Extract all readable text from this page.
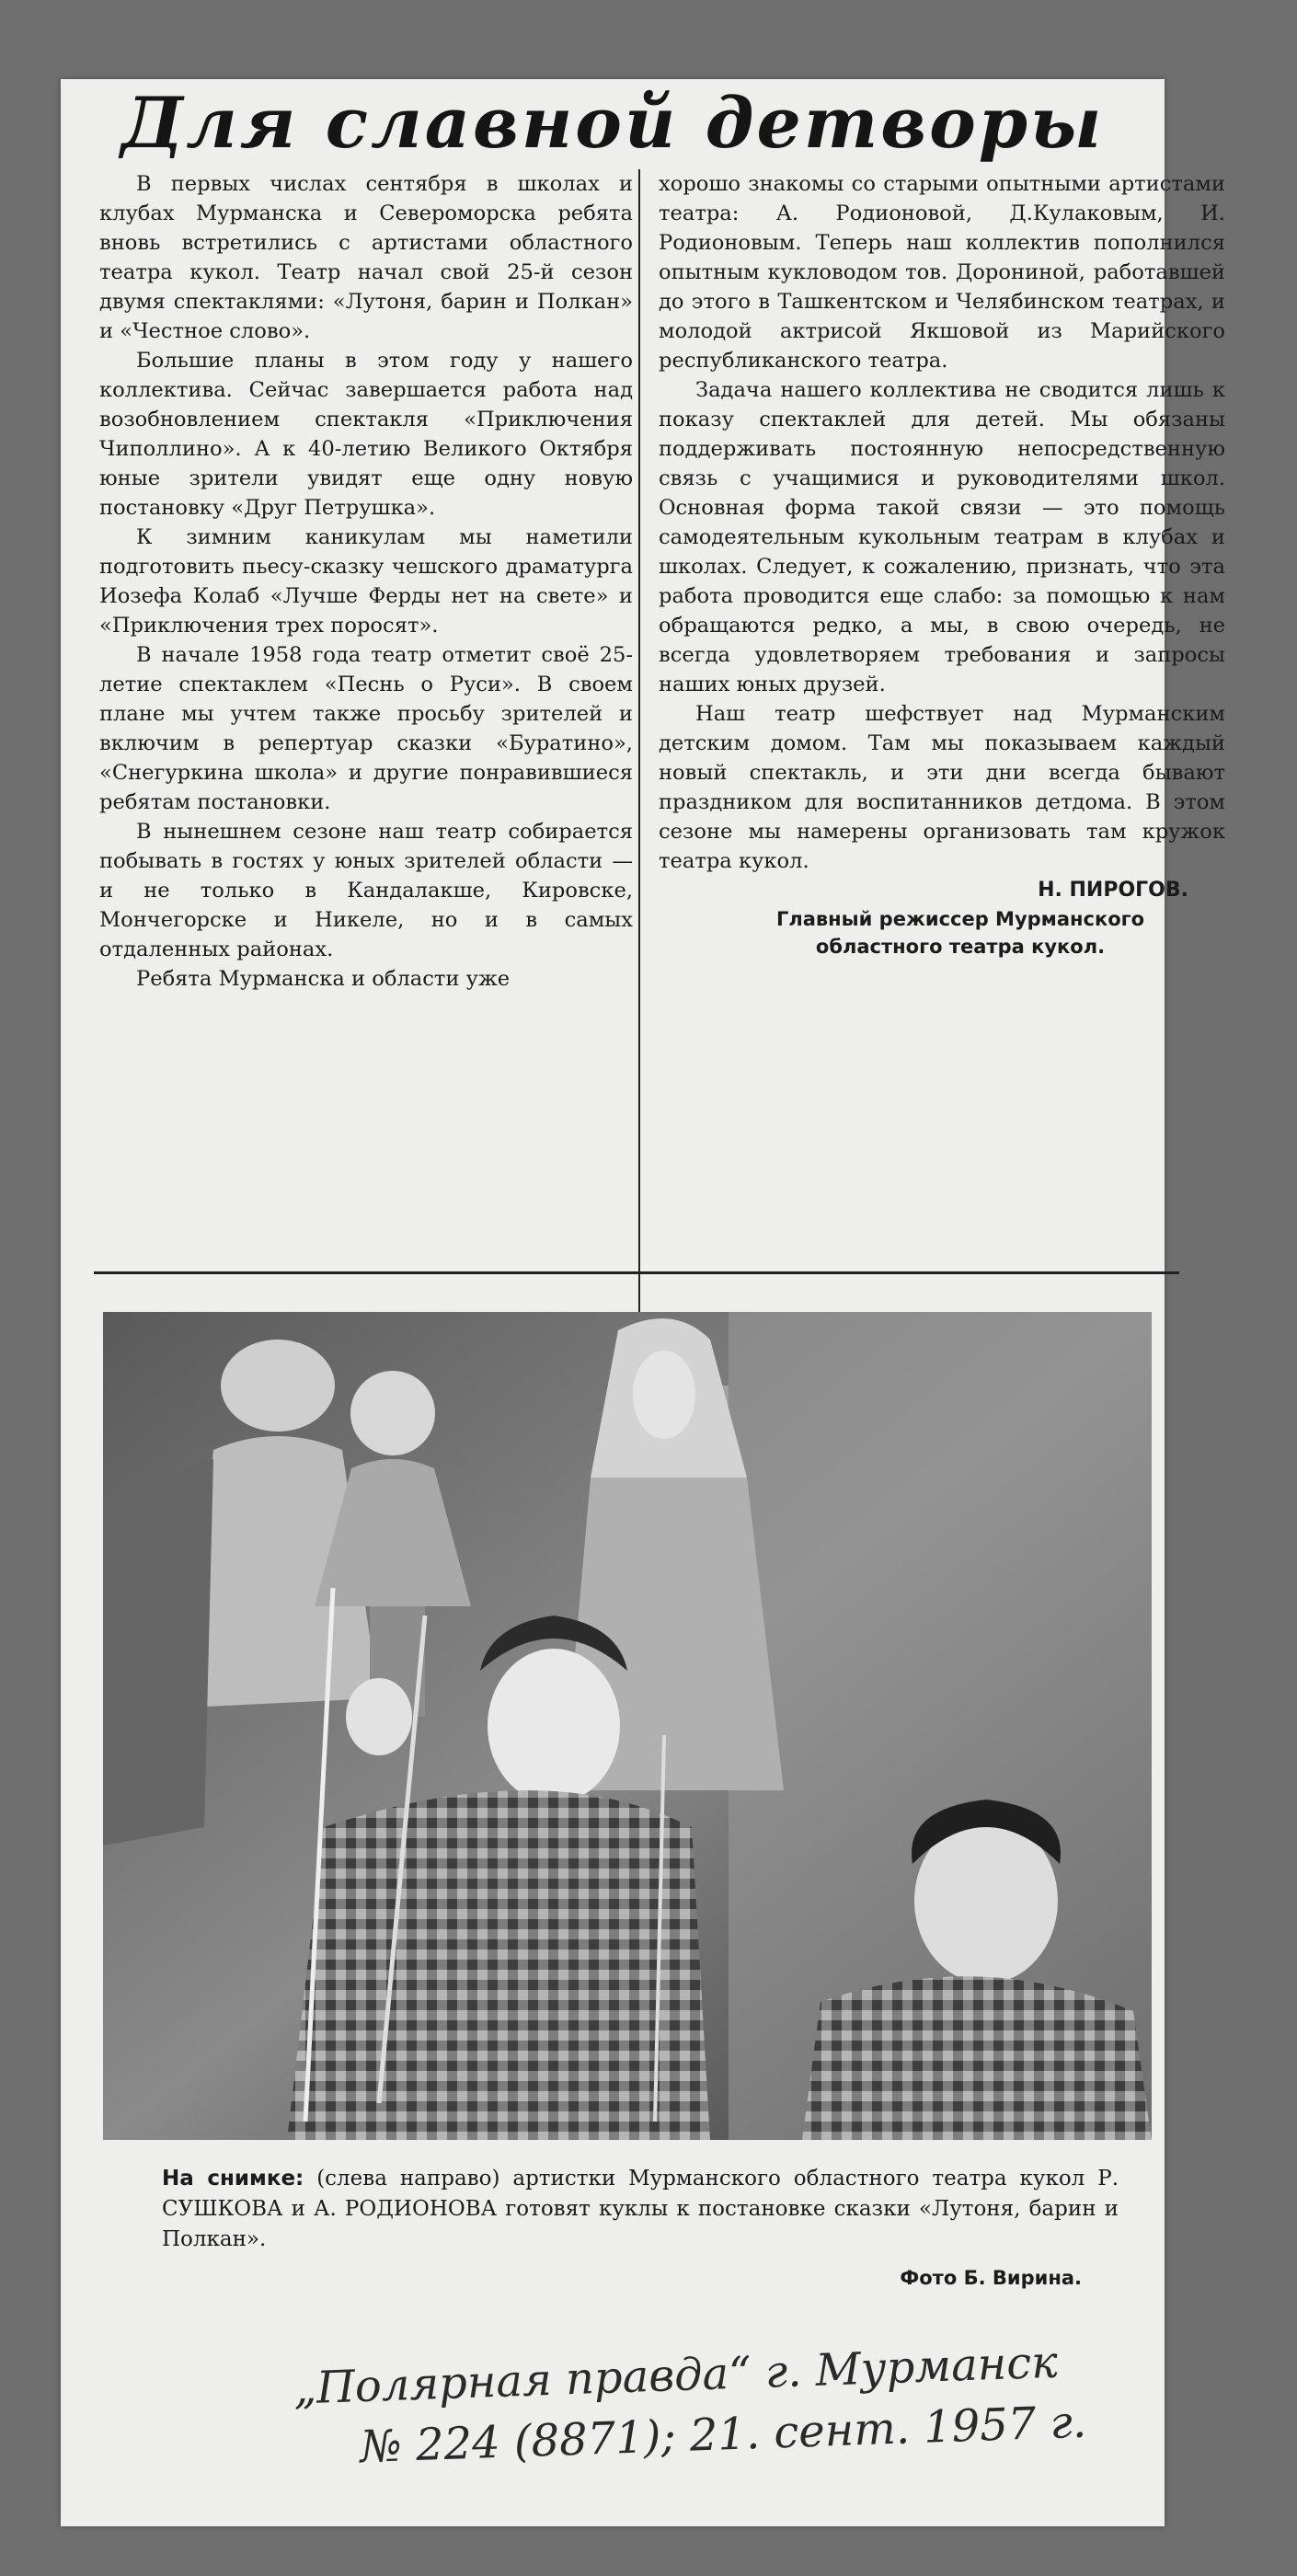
Для славной детворы

В первых числах сентября в школах и клубах Мурманска и Североморска ребята вновь встретились с артистами областного театра кукол. Театр начал свой 25-й сезон двумя спектаклями: «Лутоня, барин и Полкан» и «Честное слово».

Большие планы в этом году у нашего коллектива. Сейчас завершается работа над возобновлением спектакля «Приключения Чиполлино». А к 40-летию Великого Октября юные зрители увидят еще одну новую постановку «Друг Петрушка».

К зимним каникулам мы наметили подготовить пьесу-сказку чешского драматурга Иозефа Колаб «Лучше Ферды нет на свете» и «Приключения трех поросят».

В начале 1958 года театр отметит своё 25-летие спектаклем «Песнь о Руси». В своем плане мы учтем также просьбу зрителей и включим в репертуар сказки «Буратино», «Снегуркина школа» и другие понравившиеся ребятам постановки.

В нынешнем сезоне наш театр собирается побывать в гостях у юных зрителей области — и не только в Кандалакше, Кировске, Мончегорске и Никеле, но и в самых отдаленных районах.

Ребята Мурманска и области уже

хорошо знакомы со старыми опытными артистами театра: А. Родионовой, Д.Кулаковым, И. Родионовым. Теперь наш коллектив пополнился опытным кукловодом тов. Дорониной, работавшей до этого в Ташкентском и Челябинском театрах, и молодой актрисой Якшовой из Марийского республиканского театра.

Задача нашего коллектива не сводится лишь к показу спектаклей для детей. Мы обязаны поддерживать постоянную непосредственную связь с учащимися и руководителями школ. Основная форма такой связи — это помощь самодеятельным кукольным театрам в клубах и школах. Следует, к сожалению, признать, что эта работа проводится еще слабо: за помощью к нам обращаются редко, а мы, в свою очередь, не всегда удовлетворяем требования и запросы наших юных друзей.

Наш театр шефствует над Мурманским детским домом. Там мы показываем каждый новый спектакль, и эти дни всегда бывают праздником для воспитанников детдома. В этом сезоне мы намерены организовать там кружок театра кукол.

Н. ПИРОГОВ.

Главный режиссер Мурманского
областного театра кукол.
На снимке: (слева направо) артистки Мурманского областного театра кукол Р. СУШКОВА и А. РОДИОНОВА готовят куклы к постановке сказки «Лутоня, барин и Полкан».
Фото Б. Вирина.
„Полярная правда“ г. Мурманск
№ 224 (8871); 21. сент. 1957 г.
